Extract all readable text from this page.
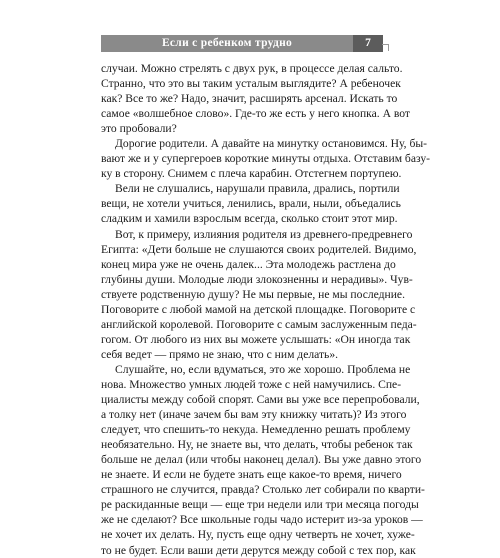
Если с ребенком трудно	7
случаи. Можно стрелять с двух рук, в процессе делая сальто.
Странно, что это вы таким усталым выглядите? А ребеночек
как? Все то же? Надо, значит, расширять арсенал. Искать то
самое «волшебное слово». Где-то же есть у него кнопка. А вот
это пробовали?
Дорогие родители. А давайте на минутку остановимся. Ну, бы-
вают же и у супергероев короткие минуты отдыха. Отставим базу-
ку в сторону. Снимем с плеча карабин. Отстегнем портупею.
Вели не слушались, нарушали правила, дрались, портили
вещи, не хотели учиться, ленились, врали, ныли, объедались
сладким и хамили взрослым всегда, сколько стоит этот мир.
Вот, к примеру, излияния родителя из древнего-предревнего
Египта: «Дети больше не слушаются своих родителей. Видимо,
конец мира уже не очень далек... Эта молодежь растлена до
глубины души. Молодые люди злокозненны и нерадивы». Чув-
ствуете родственную душу? Не мы первые, не мы последние.
Поговорите с любой мамой на детской площадке. Поговорите с
английской королевой. Поговорите с самым заслуженным педа-
гогом. От любого из них вы можете услышать: «Он иногда так
себя ведет — прямо не знаю, что с ним делать».
Слушайте, но, если вдуматься, это же хорошо. Проблема не
нова. Множество умных людей тоже с ней намучились. Спе-
циалисты между собой спорят. Сами вы уже все перепробовали,
а толку нет (иначе зачем бы вам эту книжку читать)? Из этого
следует, что спешить-то некуда. Немедленно решать проблему
необязательно. Ну, не знаете вы, что делать, чтобы ребенок так
больше не делал (или чтобы наконец делал). Вы уже давно этого
не знаете. И если не будете знать еще какое-то время, ничего
страшного не случится, правда? Столько лет собирали по кварти-
ре раскиданные вещи — еще три недели или три месяца погоды
же не сделают? Все школьные годы чадо истерит из-за уроков —
не хочет их делать. Ну, пусть еще одну четверть не хочет, хуже-
то не будет. Если ваши дети дерутся между собой с тех пор, как
